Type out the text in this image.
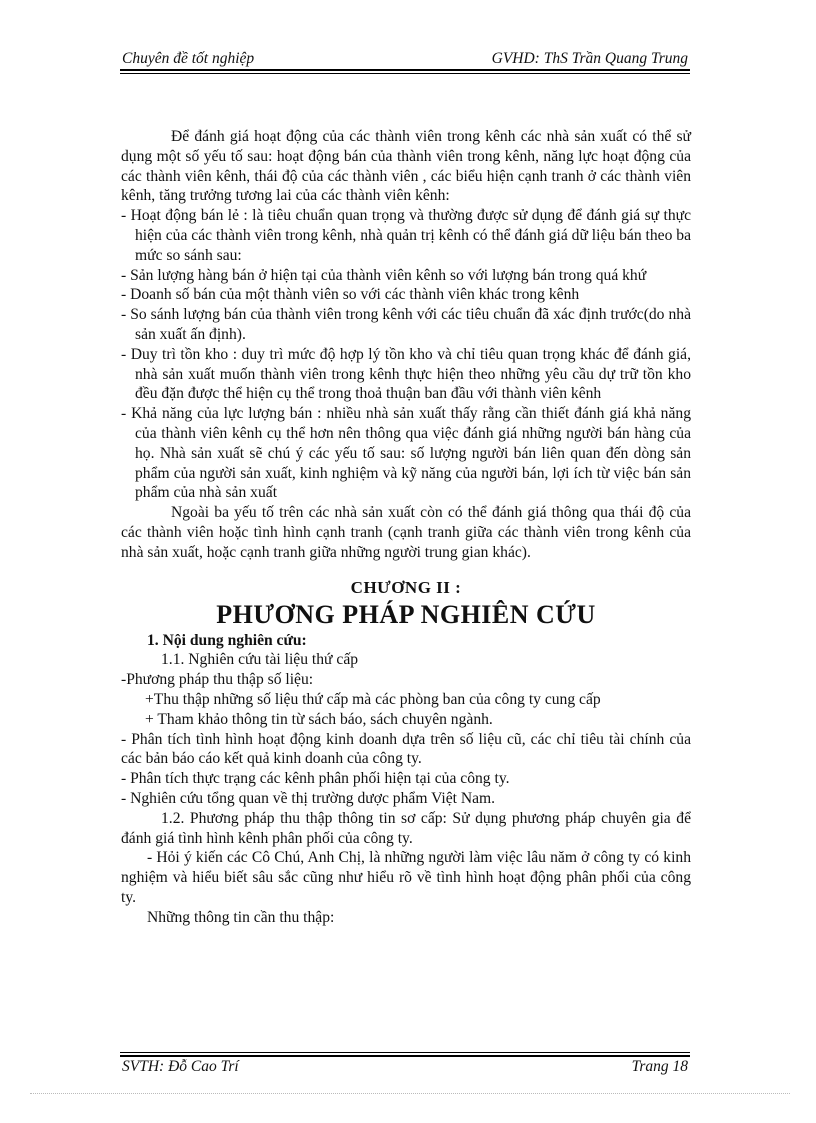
Chuyên đề tốt nghiệp	GVHD: ThS Trần Quang Trung

Để đánh giá hoạt động của các thành viên trong kênh các nhà sản xuất có thể sử dụng một số yếu tố sau: hoạt động bán của thành viên trong kênh, năng lực hoạt động của các thành viên kênh, thái độ của các thành viên , các biểu hiện cạnh tranh ở các thành viên kênh, tăng trưởng tương lai của các thành viên kênh:

- Hoạt động bán lẻ : là tiêu chuẩn quan trọng và thường được sử dụng để đánh giá sự thực hiện của các thành viên trong kênh, nhà quản trị kênh có thể đánh giá dữ liệu bán theo ba mức so sánh sau:

- Sản lượng hàng bán ở hiện tại của thành viên kênh so với lượng bán trong quá khứ

- Doanh số bán của một thành viên so với các thành viên khác trong kênh

- So sánh lượng bán của thành viên trong kênh với các tiêu chuẩn đã xác định trước(do nhà sản xuất ấn định).

- Duy trì tồn kho : duy trì mức độ hợp lý tồn kho và chỉ tiêu quan trọng khác để đánh giá, nhà sản xuất muốn thành viên trong kênh thực hiện theo những yêu cầu dự trữ tồn kho đều đặn được thể hiện cụ thể trong thoả thuận ban đầu với thành viên kênh

- Khả năng của lực lượng bán : nhiều nhà sản xuất thấy rằng cần thiết đánh giá khả năng của thành viên kênh cụ thể hơn nên thông qua việc đánh giá những người bán hàng của họ. Nhà sản xuất sẽ chú ý các yếu tố sau: số lượng người bán liên quan đến dòng sản phẩm của người sản xuất, kinh nghiệm và kỹ năng của người bán, lợi ích từ việc bán sản phẩm của nhà sản xuất

Ngoài ba yếu tố trên các nhà sản xuất còn có thể đánh giá thông qua thái độ của các thành viên hoặc tình hình cạnh tranh (cạnh tranh giữa các thành viên trong kênh của nhà sản xuất, hoặc cạnh tranh giữa những người trung gian khác).

CHƯƠNG II :
PHƯƠNG PHÁP NGHIÊN CỨU

1. Nội dung nghiên cứu:

1.1. Nghiên cứu tài liệu thứ cấp

-Phương pháp thu thập số liệu:

+Thu thập những số liệu thứ cấp mà các phòng ban của công ty cung cấp

+ Tham khảo thông tin từ sách báo, sách chuyên ngành.

- Phân tích tình hình hoạt động kinh doanh dựa trên số liệu cũ, các chỉ tiêu tài chính của các bản báo cáo kết quả kinh doanh của công ty.

- Phân tích thực trạng các kênh phân phối hiện tại của công ty.

- Nghiên cứu tổng quan về thị trường dược phẩm Việt Nam.

1.2. Phương pháp thu thập thông tin sơ cấp: Sử dụng phương pháp chuyên gia để đánh giá tình hình kênh phân phối của công ty.

- Hỏi ý kiến các Cô Chú, Anh Chị, là những người làm việc lâu năm ở công ty có kinh nghiệm và hiểu biết sâu sắc cũng như hiểu rõ về tình hình hoạt động phân phối của công ty.

Những thông tin cần thu thập:

SVTH: Đỗ Cao Trí	Trang 18
